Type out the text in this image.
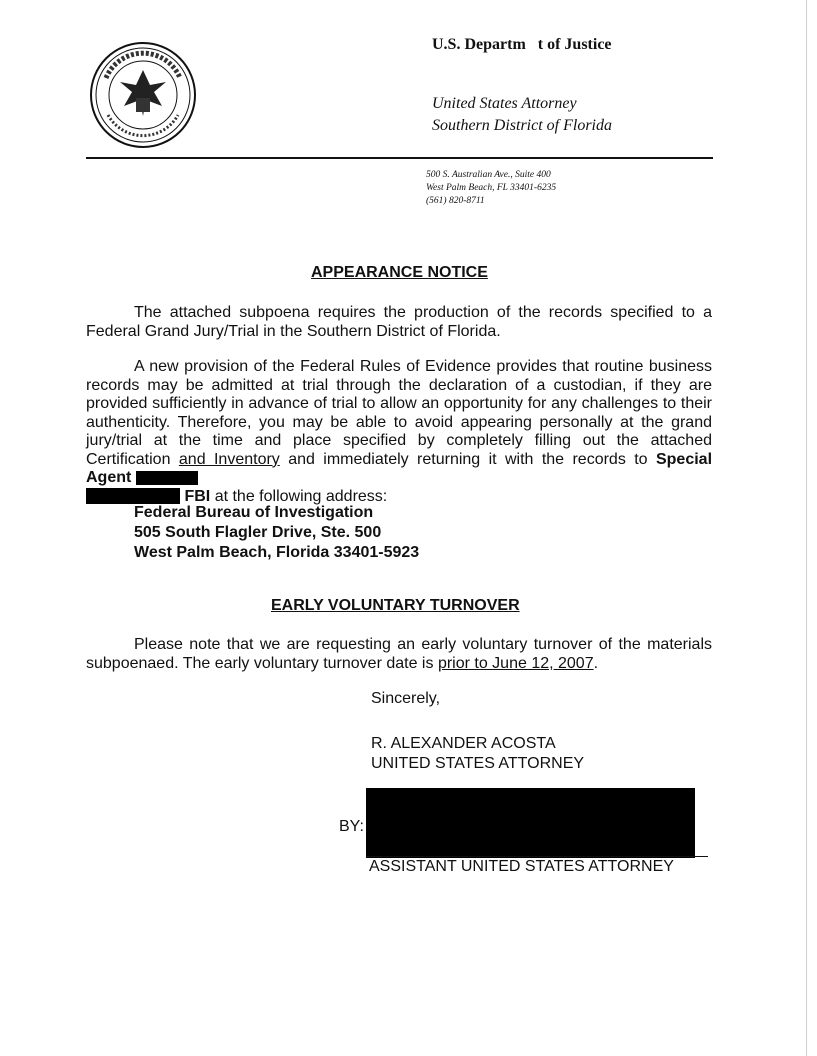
U.S. Departm t of Justice
United States Attorney
Southern District of Florida
500 S. Australian Ave., Suite 400
West Palm Beach, FL 33401-6235
(561) 820-8711
APPEARANCE NOTICE

The attached subpoena requires the production of the records specified to a Federal Grand Jury/Trial in the Southern District of Florida.

A new provision of the Federal Rules of Evidence provides that routine business records may be admitted at trial through the declaration of a custodian, if they are provided sufficiently in advance of trial to allow an opportunity for any challenges to their authenticity. Therefore, you may be able to avoid appearing personally at the grand jury/trial at the time and place specified by completely filling out the attached Certification and Inventory and immediately returning it with the records to Special Agent
FBI at the following address:

Federal Bureau of Investigation
505 South Flagler Drive, Ste. 500
West Palm Beach, Florida 33401-5923
EARLY VOLUNTARY TURNOVER

Please note that we are requesting an early voluntary turnover of the materials subpoenaed. The early voluntary turnover date is prior to June 12, 2007.

Sincerely,
R. ALEXANDER ACOSTA
UNITED STATES ATTORNEY
BY:
ASSISTANT UNITED STATES ATTORNEY
